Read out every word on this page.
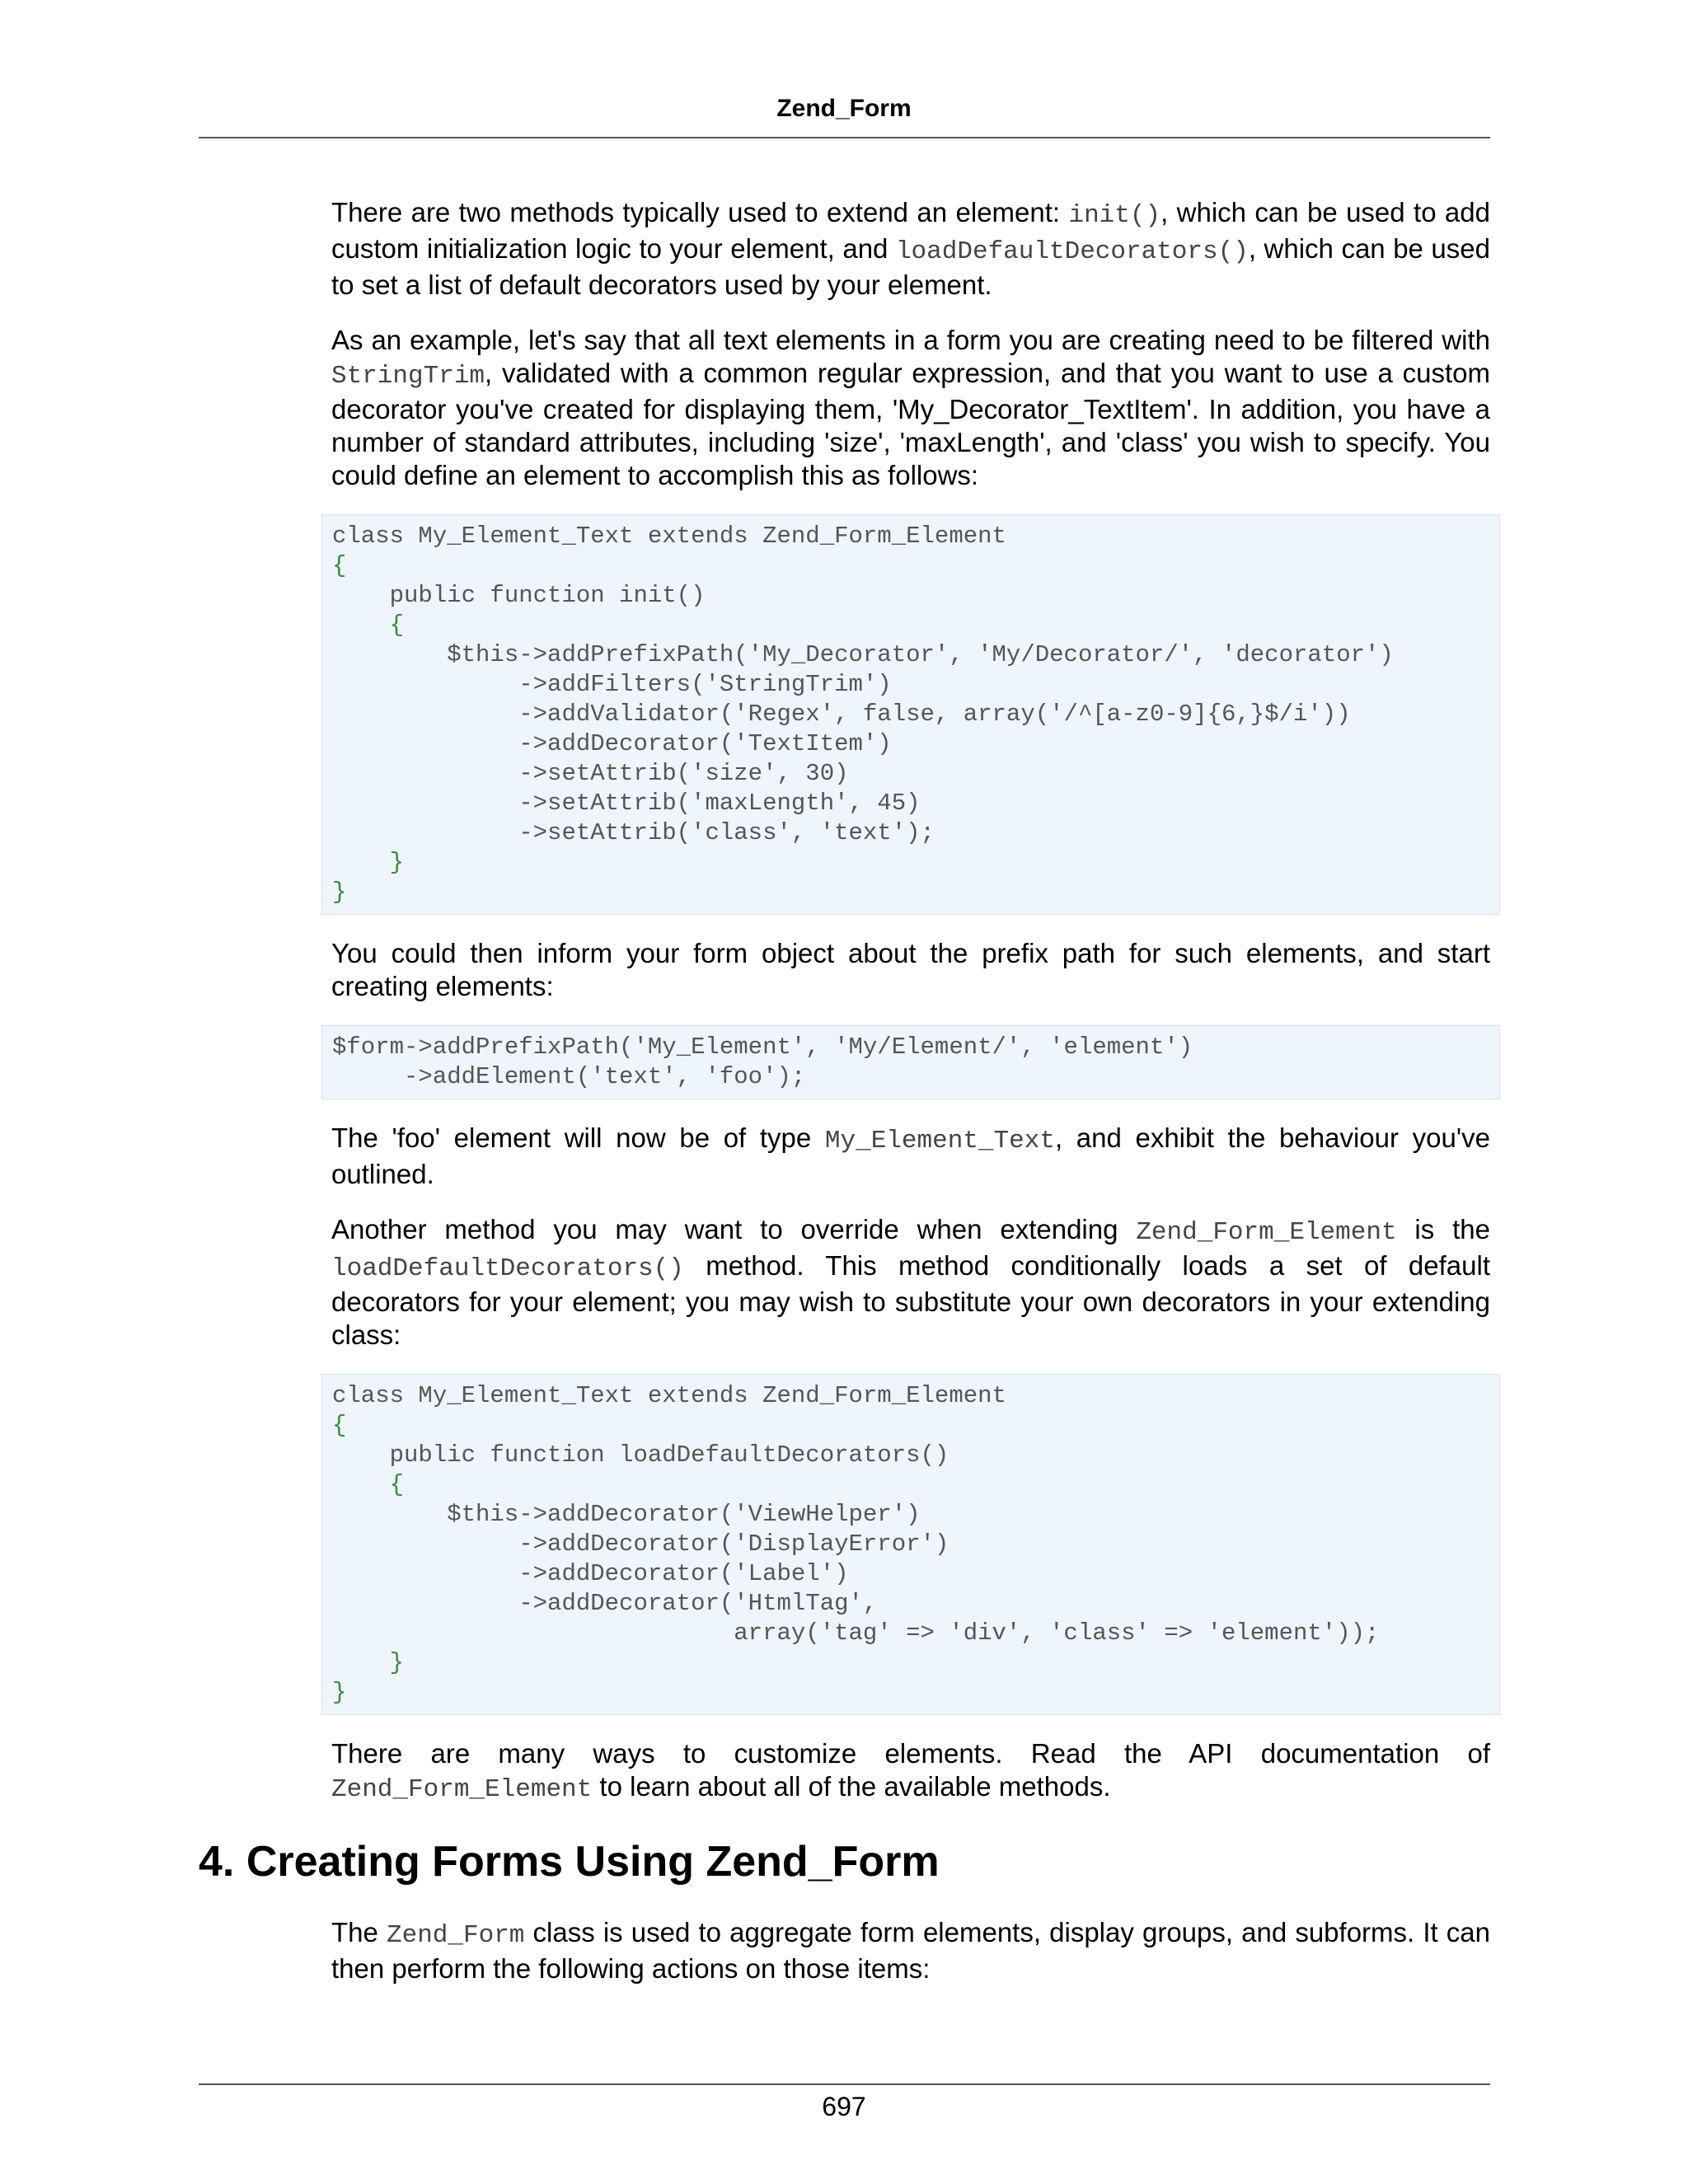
Zend_Form

There are two methods typically used to extend an element: init(), which can be used to add custom initialization logic to your element, and loadDefaultDecorators(), which can be used to set a list of default decorators used by your element.

As an example, let's say that all text elements in a form you are creating need to be filtered with StringTrim, validated with a common regular expression, and that you want to use a custom decorator you've created for displaying them, 'My_Decorator_TextItem'. In addition, you have a number of standard attributes, including 'size', 'maxLength', and 'class' you wish to specify. You could define an element to accomplish this as follows:

class My_Element_Text extends Zend_Form_Element
{
public function init()
{
$this->addPrefixPath('My_Decorator', 'My/Decorator/', 'decorator')
->addFilters('StringTrim')
->addValidator('Regex', false, array('/^[a-z0-9]{6,}$/i'))
->addDecorator('TextItem')
->setAttrib('size', 30)
->setAttrib('maxLength', 45)
->setAttrib('class', 'text');
}
}

You could then inform your form object about the prefix path for such elements, and start creating elements:

$form->addPrefixPath('My_Element', 'My/Element/', 'element')
->addElement('text', 'foo');

The 'foo' element will now be of type My_Element_Text, and exhibit the behaviour you've outlined.

Another method you may want to override when extending Zend_Form_Element is the loadDefaultDecorators() method. This method conditionally loads a set of default decorators for your element; you may wish to substitute your own decorators in your extending class:

class My_Element_Text extends Zend_Form_Element
{
public function loadDefaultDecorators()
{
$this->addDecorator('ViewHelper')
->addDecorator('DisplayError')
->addDecorator('Label')
->addDecorator('HtmlTag',
array('tag' => 'div', 'class' => 'element'));
}
}

There are many ways to customize elements. Read the API documentation of Zend_Form_Element to learn about all of the available methods.

4. Creating Forms Using Zend_Form

The Zend_Form class is used to aggregate form elements, display groups, and subforms. It can then perform the following actions on those items:

697
